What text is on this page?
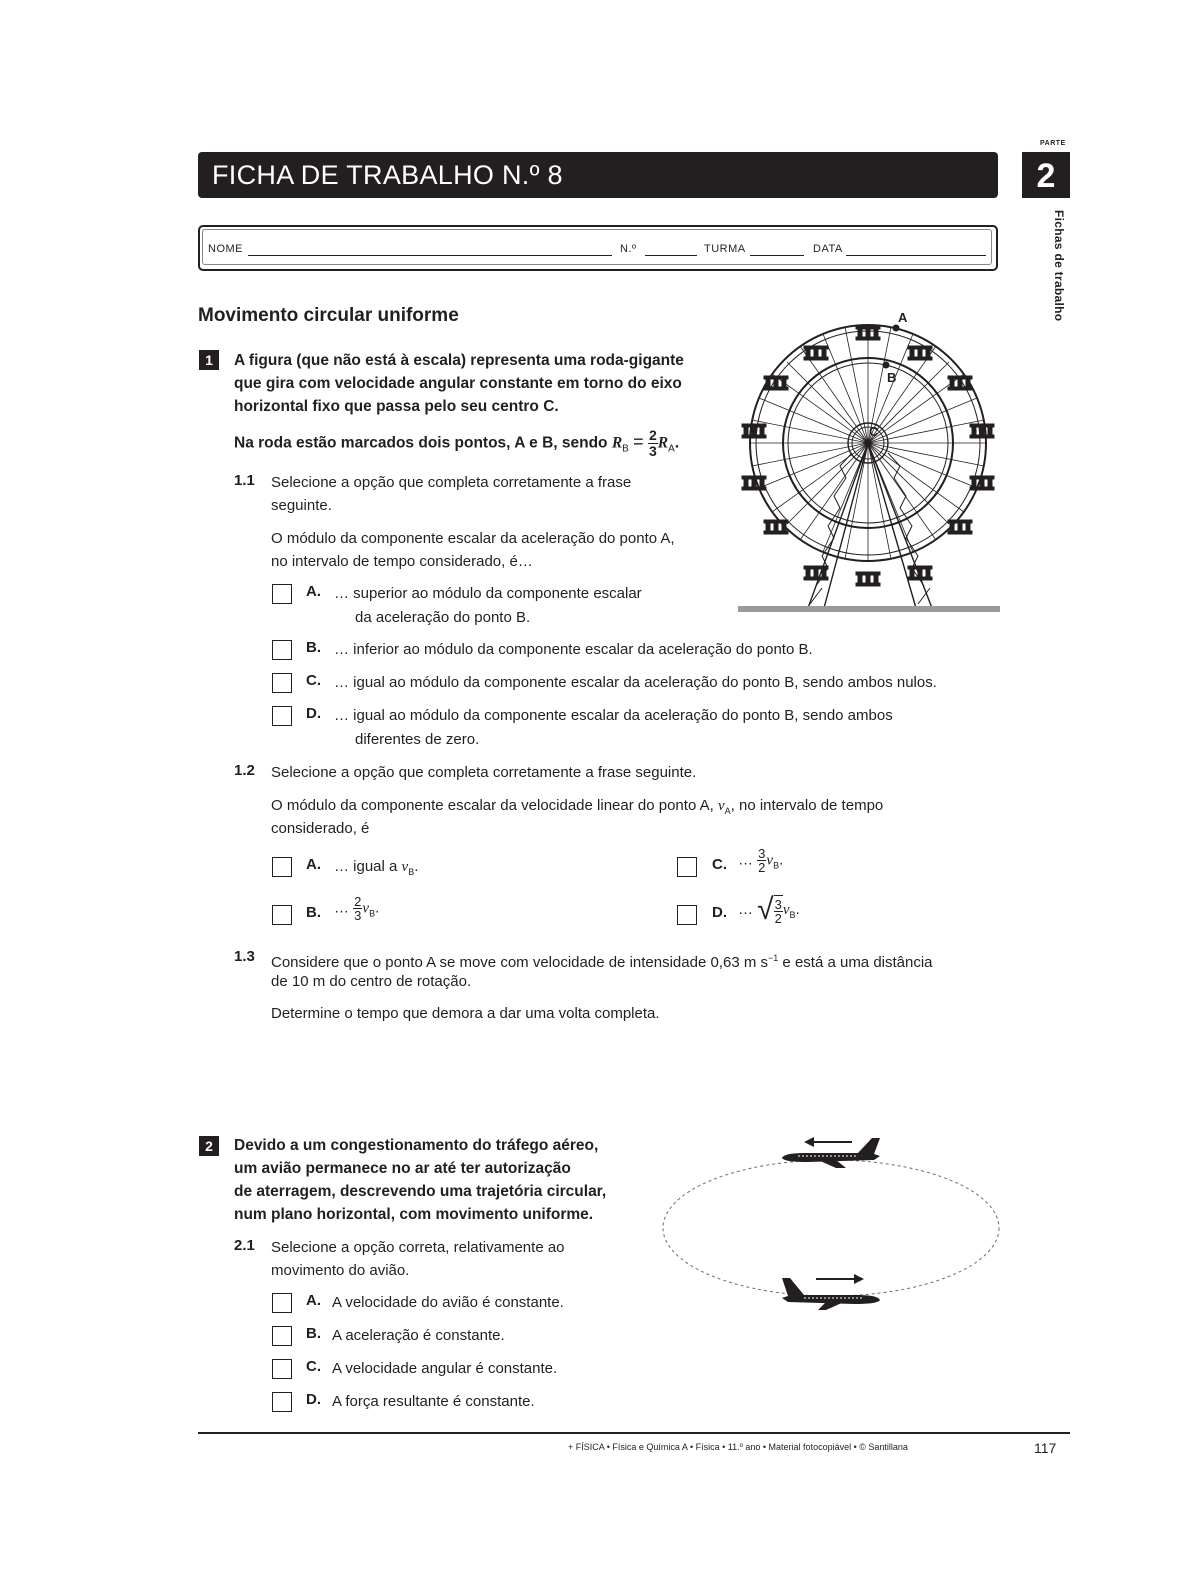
FICHA DE TRABALHO N.º 8
PARTE
2
Fichas de trabalho
NOME	N.º	TURMA	DATA
Movimento circular uniforme
1	A figura (que não está à escala) representa uma roda-gigante
que gira com velocidade angular constante em torno do eixo
horizontal fixo que passa pelo seu centro C.
Na roda estão marcados dois pontos, A e B, sendo $R_B = \frac{2}{3} R_A$.
A
B
C
1.1 Selecione a opção que completa corretamente a frase
seguinte.
O módulo da componente escalar da aceleração do ponto A,
no intervalo de tempo considerado, é…
A. … superior ao módulo da componente escalar
da aceleração do ponto B.
B. … inferior ao módulo da componente escalar da aceleração do ponto B.
C. … igual ao módulo da componente escalar da aceleração do ponto B, sendo ambos nulos.
D. … igual ao módulo da componente escalar da aceleração do ponto B, sendo ambos
diferentes de zero.
1.2 Selecione a opção que completa corretamente a frase seguinte.
O módulo da componente escalar da velocidade linear do ponto A, $v_A$, no intervalo de tempo
considerado, é
A. … igual a $v_B$.
B. … $\frac{2}{3} v_B$.
C. … $\frac{3}{2} v_B$.
D. … √ $\frac{3}{2} v_B$.
1.3 Considere que o ponto A se move com velocidade de intensidade 0,63 m $s^{-1}$ e está a uma distância
de 10 m do centro de rotação.
Determine o tempo que demora a dar uma volta completa.
2	Devido a um congestionamento do tráfego aéreo,
um avião permanece no ar até ter autorização
de aterragem, descrevendo uma trajetória circular,
num plano horizontal, com movimento uniforme.
2.1 Selecione a opção correta, relativamente ao
movimento do avião.
A. A velocidade do avião é constante.
B. A aceleração é constante.
C. A velocidade angular é constante.
D. A força resultante é constante.
+ FÍSICA • Física e Química A • Física • 11.º ano • Material fotocopiável • © Santillana	117
